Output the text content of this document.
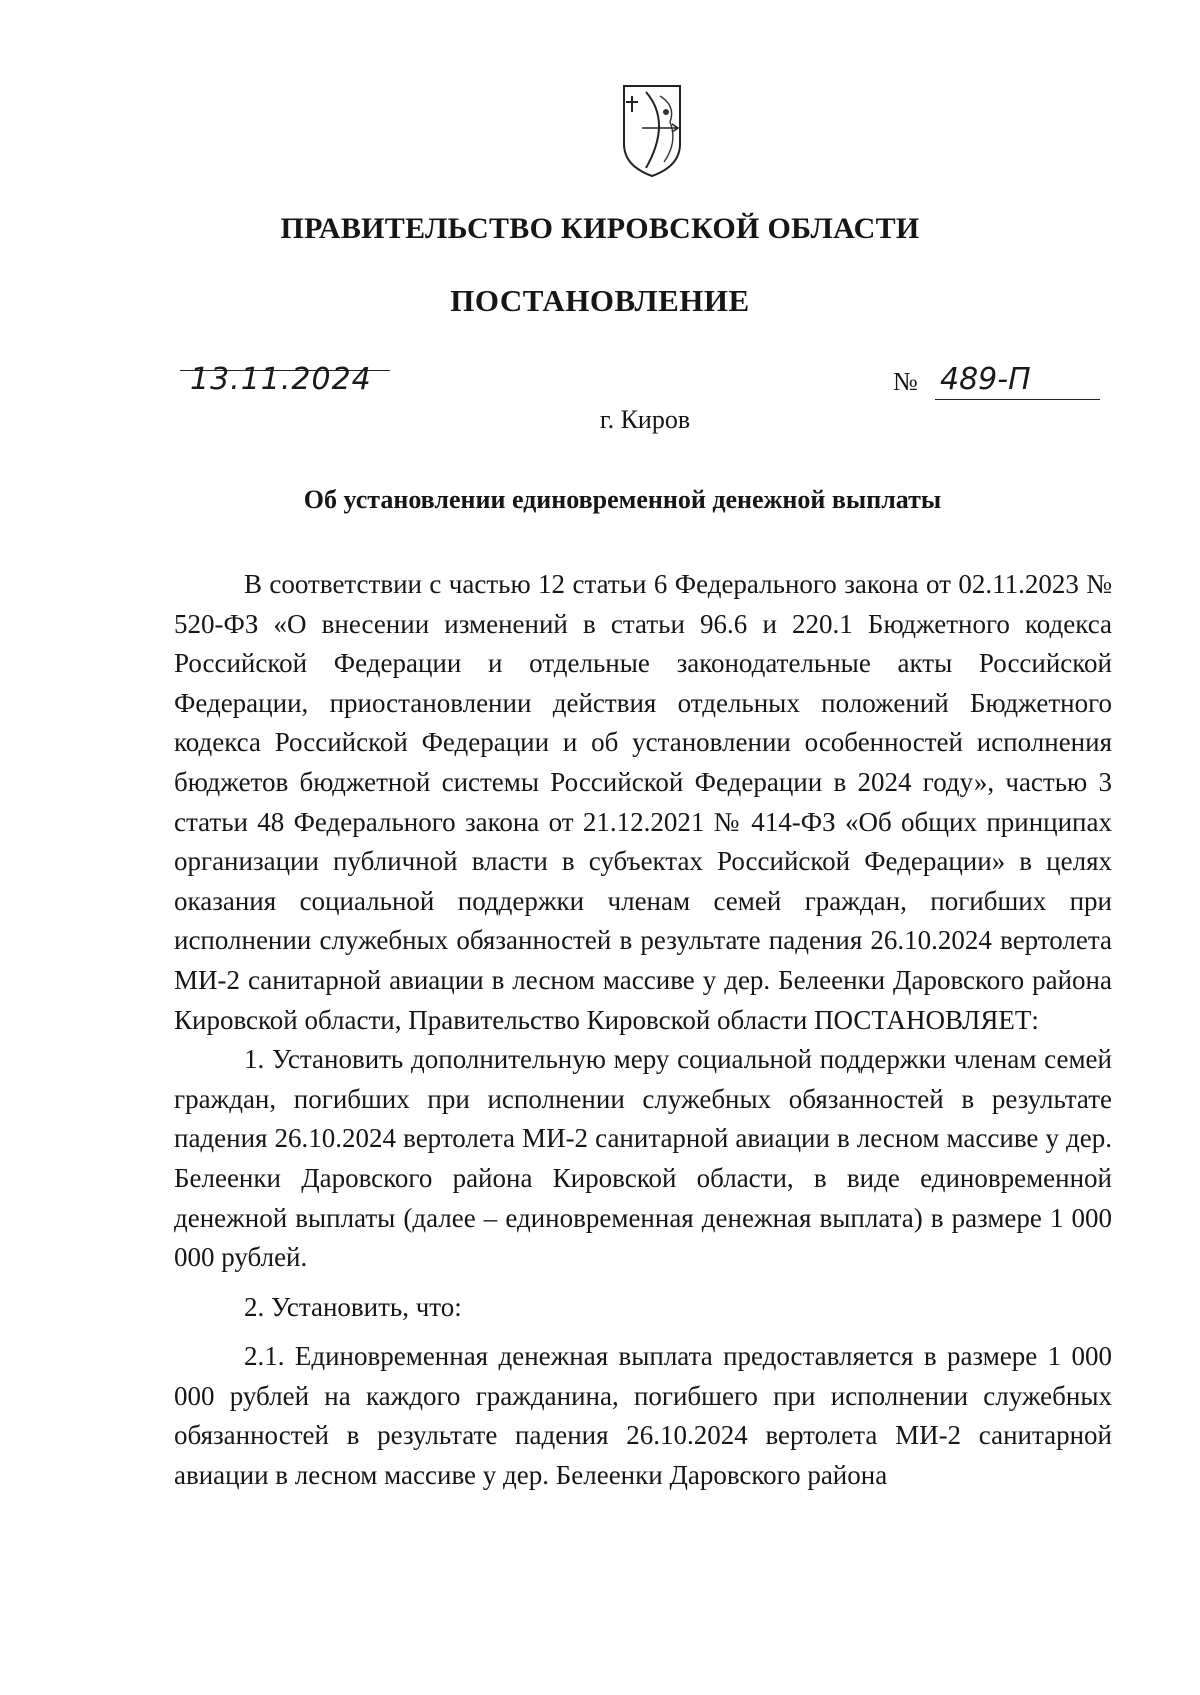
ПРАВИТЕЛЬСТВО КИРОВСКОЙ ОБЛАСТИ
ПОСТАНОВЛЕНИЕ
13.11.2024	№ 489-П
г. Киров
Об установлении единовременной денежной выплаты

В соответствии с частью 12 статьи 6 Федерального закона от 02.11.2023 № 520-ФЗ «О внесении изменений в статьи 96.6 и 220.1 Бюджетного кодекса Российской Федерации и отдельные законодательные акты Российской Федерации, приостановлении действия отдельных положений Бюджетного кодекса Российской Федерации и об установлении особенностей исполнения бюджетов бюджетной системы Российской Федерации в 2024 году», частью 3 статьи 48 Федерального закона от 21.12.2021 № 414-ФЗ «Об общих принципах организации публичной власти в субъектах Российской Федерации» в целях оказания социальной поддержки членам семей граждан, погибших при исполнении служебных обязанностей в результате падения 26.10.2024 вертолета МИ-2 санитарной авиации в лесном массиве у дер. Белеенки Даровского района Кировской области, Правительство Кировской области ПОСТАНОВЛЯЕТ:

1. Установить дополнительную меру социальной поддержки членам семей граждан, погибших при исполнении служебных обязанностей в результате падения 26.10.2024 вертолета МИ-2 санитарной авиации в лесном массиве у дер. Белеенки Даровского района Кировской области, в виде единовременной денежной выплаты (далее – единовременная денежная выплата) в размере 1 000 000 рублей.

2. Установить, что:

2.1. Единовременная денежная выплата предоставляется в размере 1 000 000 рублей на каждого гражданина, погибшего при исполнении служебных обязанностей в результате падения 26.10.2024 вертолета МИ-2 санитарной авиации в лесном массиве у дер. Белеенки Даровского района
